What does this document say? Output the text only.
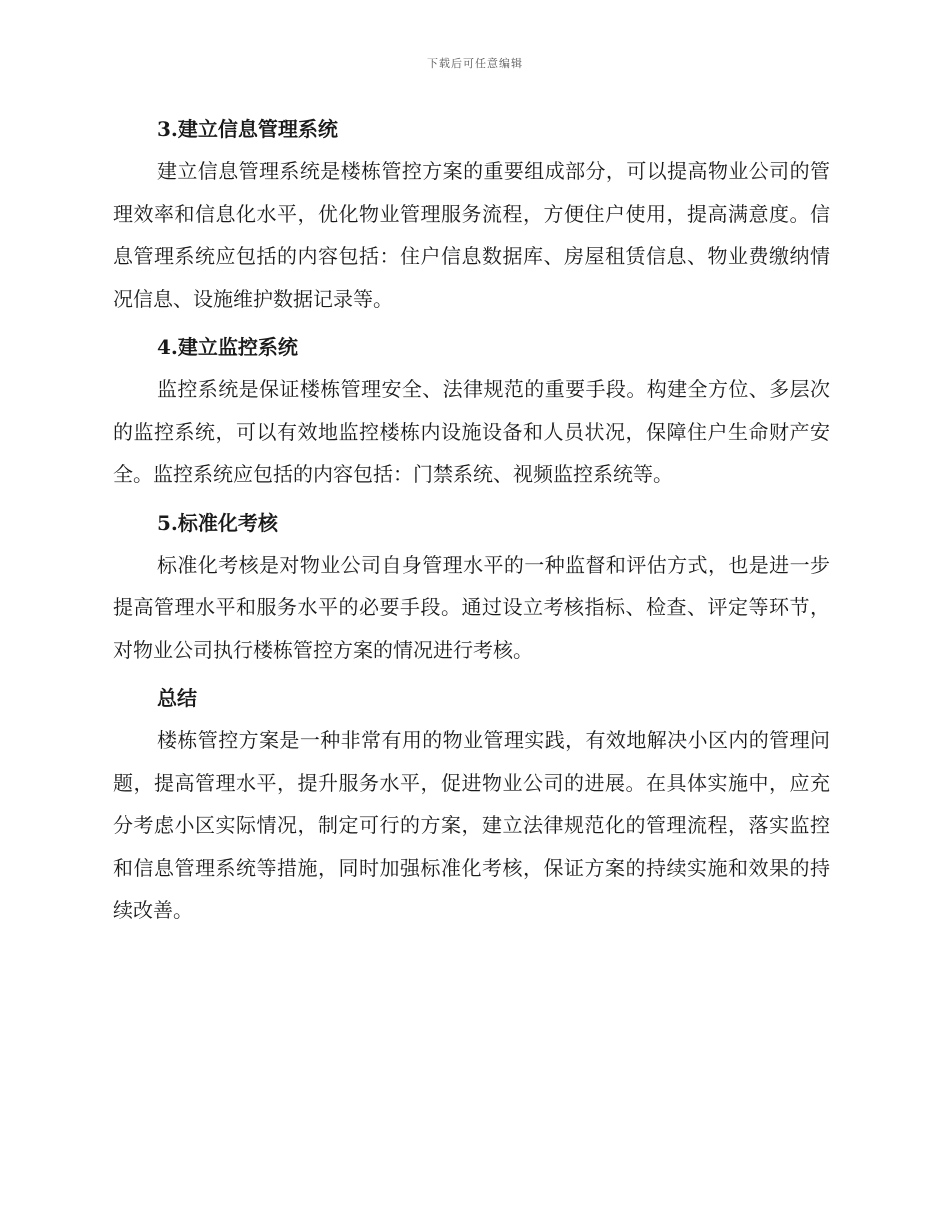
下载后可任意编辑
3.建立信息管理系统

建立信息管理系统是楼栋管控方案的重要组成部分，可以提高物业公司的管理效率和信息化水平，优化物业管理服务流程，方便住户使用，提高满意度。信息管理系统应包括的内容包括：住户信息数据库、房屋租赁信息、物业费缴纳情况信息、设施维护数据记录等。

4.建立监控系统

监控系统是保证楼栋管理安全、法律规范的重要手段。构建全方位、多层次的监控系统，可以有效地监控楼栋内设施设备和人员状况，保障住户生命财产安全。监控系统应包括的内容包括：门禁系统、视频监控系统等。

5.标准化考核

标准化考核是对物业公司自身管理水平的一种监督和评估方式，也是进一步提高管理水平和服务水平的必要手段。通过设立考核指标、检查、评定等环节，对物业公司执行楼栋管控方案的情况进行考核。

总结

楼栋管控方案是一种非常有用的物业管理实践，有效地解决小区内的管理问题，提高管理水平，提升服务水平，促进物业公司的进展。在具体实施中，应充分考虑小区实际情况，制定可行的方案，建立法律规范化的管理流程，落实监控和信息管理系统等措施，同时加强标准化考核，保证方案的持续实施和效果的持续改善。
